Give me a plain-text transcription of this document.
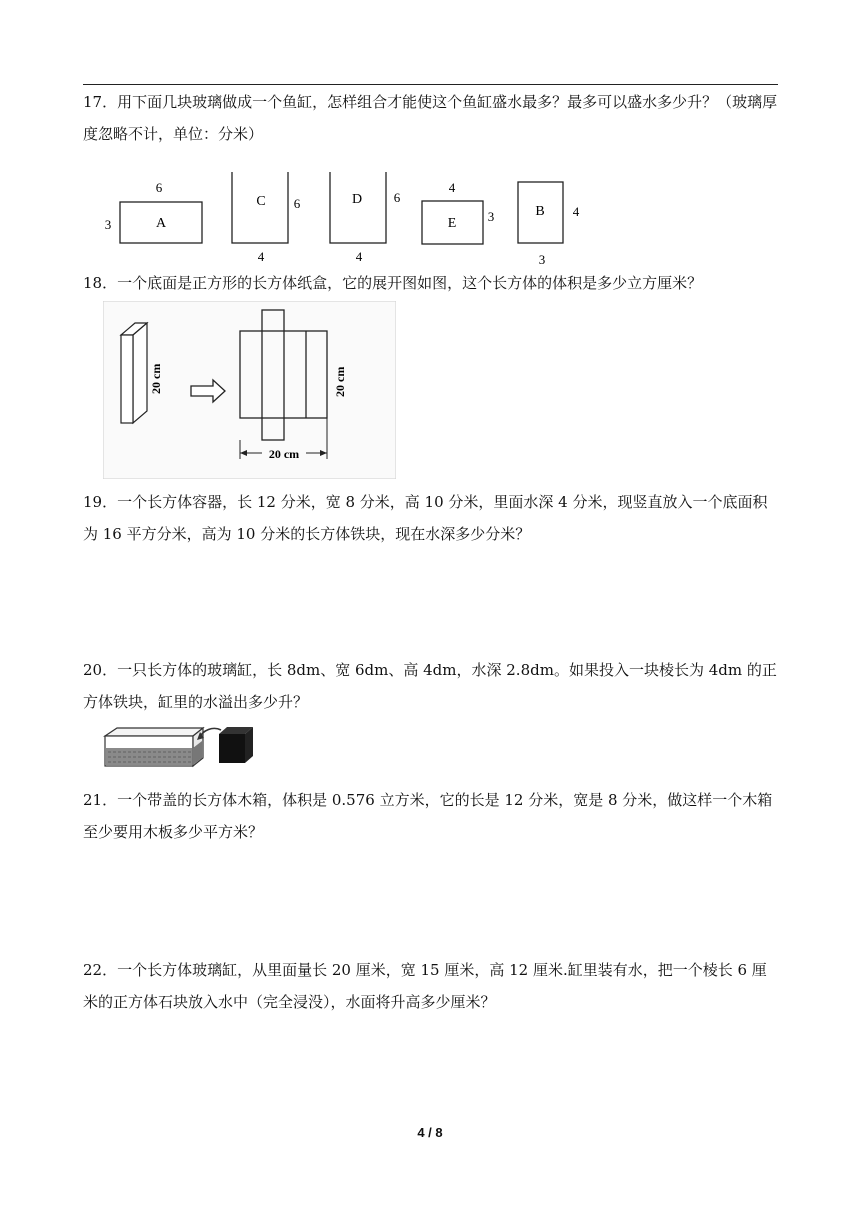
17．用下面几块玻璃做成一个鱼缸，怎样组合才能使这个鱼缸盛水最多？最多可以盛水多少升？（玻璃厚度忽略不计，单位：分米）

A
6
3
C 6
4
D 6
4
E
4
3	B 4
3

18．一个底面是正方形的长方体纸盒，它的展开图如图，这个长方体的体积是多少立方厘米？

20 cm
20 cm
20 cm

19．一个长方体容器，长 12 分米，宽 8 分米，高 10 分米，里面水深 4 分米，现竖直放入一个底面积为 16 平方分米，高为 10 分米的长方体铁块，现在水深多少分米？

20．一只长方体的玻璃缸，长 8dm、宽 6dm、高 4dm，水深 2.8dm。如果投入一块棱长为 4dm 的正方体铁块，缸里的水溢出多少升？

21．一个带盖的长方体木箱，体积是 0.576 立方米，它的长是 12 分米，宽是 8 分米，做这样一个木箱至少要用木板多少平方米？

22．一个长方体玻璃缸，从里面量长 20 厘米，宽 15 厘米，高 12 厘米.缸里装有水，把一个棱长 6 厘米的正方体石块放入水中（完全浸没），水面将升高多少厘米？

4 / 8
